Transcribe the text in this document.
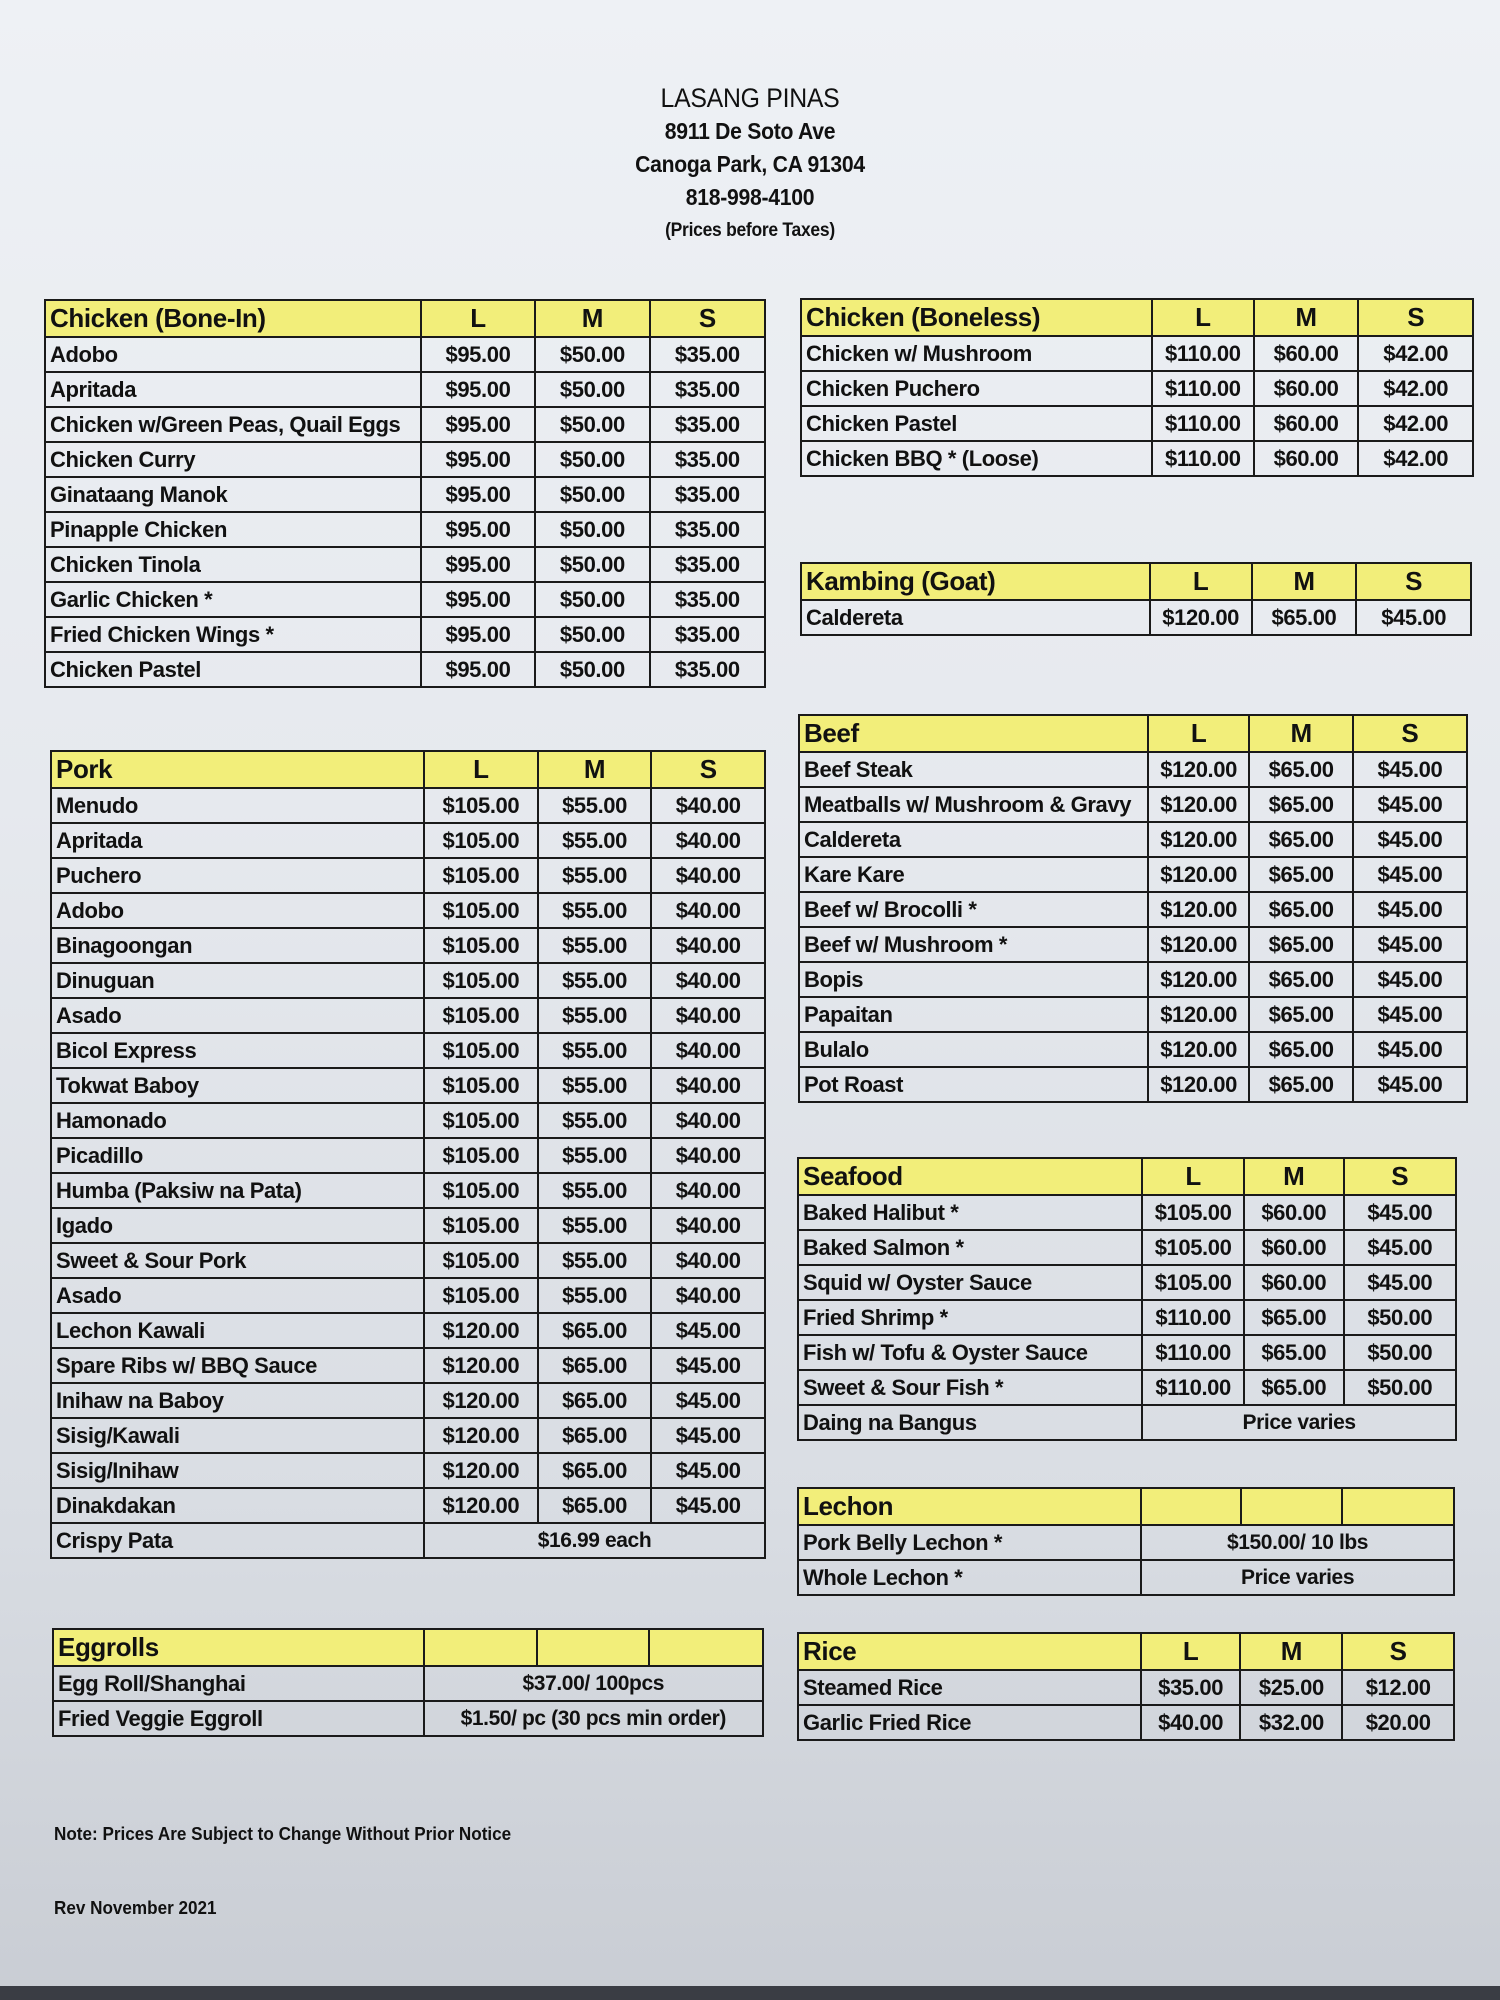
LASANG PINAS
8911 De Soto Ave
Canoga Park, CA 91304
818-998-4100
(Prices before Taxes)
Chicken (Bone-In)	L	M	S
Adobo	$95.00	$50.00	$35.00
Apritada	$95.00	$50.00	$35.00
Chicken w/Green Peas, Quail Eggs	$95.00	$50.00	$35.00
Chicken Curry	$95.00	$50.00	$35.00
Ginataang Manok	$95.00	$50.00	$35.00
Pinapple Chicken	$95.00	$50.00	$35.00
Chicken Tinola	$95.00	$50.00	$35.00
Garlic Chicken *	$95.00	$50.00	$35.00
Fried Chicken Wings *	$95.00	$50.00	$35.00
Chicken Pastel	$95.00	$50.00	$35.00
Pork	L	M	S
Menudo	$105.00	$55.00	$40.00
Apritada	$105.00	$55.00	$40.00
Puchero	$105.00	$55.00	$40.00
Adobo	$105.00	$55.00	$40.00
Binagoongan	$105.00	$55.00	$40.00
Dinuguan	$105.00	$55.00	$40.00
Asado	$105.00	$55.00	$40.00
Bicol Express	$105.00	$55.00	$40.00
Tokwat Baboy	$105.00	$55.00	$40.00
Hamonado	$105.00	$55.00	$40.00
Picadillo	$105.00	$55.00	$40.00
Humba (Paksiw na Pata)	$105.00	$55.00	$40.00
Igado	$105.00	$55.00	$40.00
Sweet & Sour Pork	$105.00	$55.00	$40.00
Asado	$105.00	$55.00	$40.00
Lechon Kawali	$120.00	$65.00	$45.00
Spare Ribs w/ BBQ Sauce	$120.00	$65.00	$45.00
Inihaw na Baboy	$120.00	$65.00	$45.00
Sisig/Kawali	$120.00	$65.00	$45.00
Sisig/Inihaw	$120.00	$65.00	$45.00
Dinakdakan	$120.00	$65.00	$45.00
Crispy Pata	$16.99 each		
Eggrolls			
Egg Roll/Shanghai	$37.00/ 100pcs		
Fried Veggie Eggroll	$1.50/ pc (30 pcs min order)		
Chicken (Boneless)	L	M	S
Chicken w/ Mushroom	$110.00	$60.00	$42.00
Chicken Puchero	$110.00	$60.00	$42.00
Chicken Pastel	$110.00	$60.00	$42.00
Chicken BBQ * (Loose)	$110.00	$60.00	$42.00
Kambing (Goat)	L	M	S
Caldereta	$120.00	$65.00	$45.00
Beef	L	M	S
Beef Steak	$120.00	$65.00	$45.00
Meatballs w/ Mushroom & Gravy	$120.00	$65.00	$45.00
Caldereta	$120.00	$65.00	$45.00
Kare Kare	$120.00	$65.00	$45.00
Beef w/ Brocolli *	$120.00	$65.00	$45.00
Beef w/ Mushroom *	$120.00	$65.00	$45.00
Bopis	$120.00	$65.00	$45.00
Papaitan	$120.00	$65.00	$45.00
Bulalo	$120.00	$65.00	$45.00
Pot Roast	$120.00	$65.00	$45.00
Seafood	L	M	S
Baked Halibut *	$105.00	$60.00	$45.00
Baked Salmon *	$105.00	$60.00	$45.00
Squid w/ Oyster Sauce	$105.00	$60.00	$45.00
Fried Shrimp *	$110.00	$65.00	$50.00
Fish w/ Tofu & Oyster Sauce	$110.00	$65.00	$50.00
Sweet & Sour Fish *	$110.00	$65.00	$50.00
Daing na Bangus	Price varies		
Lechon			
Pork Belly Lechon *	$150.00/ 10 lbs		
Whole Lechon *	Price varies		
Rice	L	M	S
Steamed Rice	$35.00	$25.00	$12.00
Garlic Fried Rice	$40.00	$32.00	$20.00
Note: Prices Are Subject to Change Without Prior Notice
Rev November 2021
